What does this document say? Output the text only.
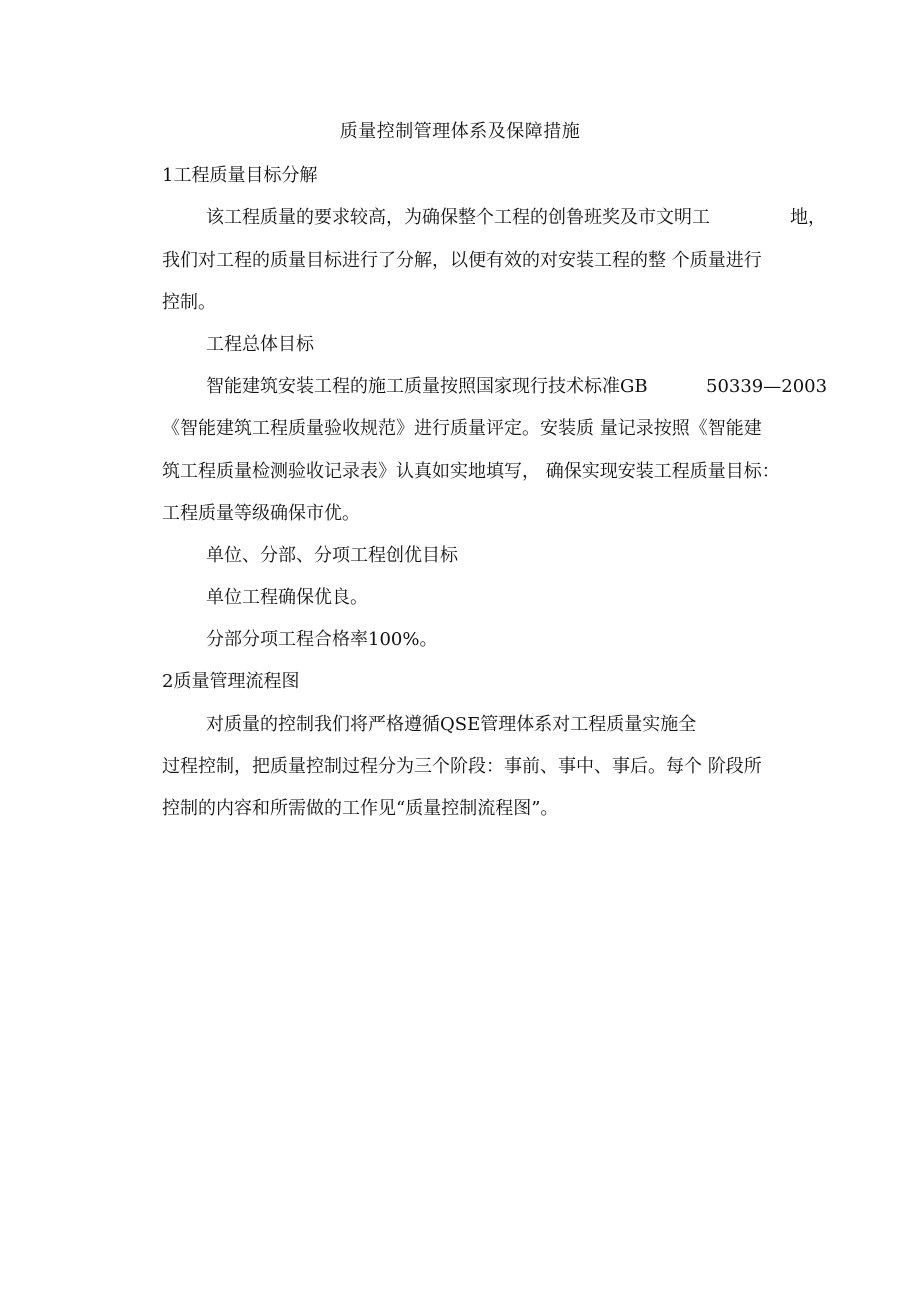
质量控制管理体系及保障措施
1工程质量目标分解
该工程质量的要求较高，为确保整个工程的创鲁班奖及市文明工	地，
我们对工程的质量目标进行了分解，以便有效的对安装工程的整 个质量进行
控制。
工程总体目标
智能建筑安装工程的施工质量按照国家现行技术标准GB	50339—2003
《智能建筑工程质量验收规范》进行质量评定。安装质 量记录按照《智能建
筑工程质量检测验收记录表》认真如实地填写， 确保实现安装工程质量目标：
工程质量等级确保市优。
单位、分部、分项工程创优目标
单位工程确保优良。
分部分项工程合格率100%。
2质量管理流程图
对质量的控制我们将严格遵循QSE管理体系对工程质量实施全
过程控制，把质量控制过程分为三个阶段：事前、事中、事后。每个 阶段所
控制的内容和所需做的工作见“质量控制流程图”。
